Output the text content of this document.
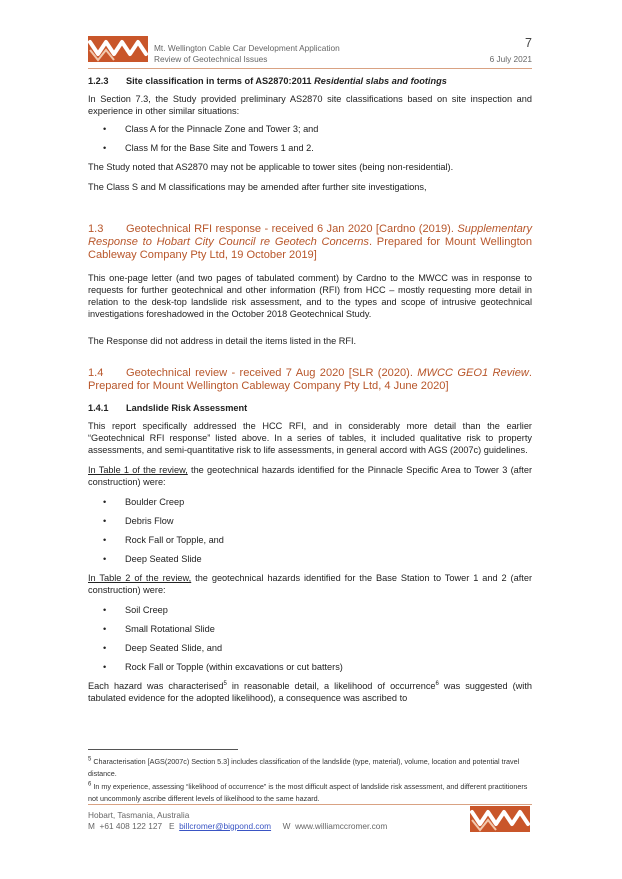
Mt. Wellington Cable Car Development Application
Review of Geotechnical Issues
7
6 July 2021
1.2.3 Site classification in terms of AS2870:2011 Residential slabs and footings

In Section 7.3, the Study provided preliminary AS2870 site classifications based on site inspection and experience in other similar situations:

• Class A for the Pinnacle Zone and Tower 3; and
• Class M for the Base Site and Towers 1 and 2.

The Study noted that AS2870 may not be applicable to tower sites (being non-residential).

The Class S and M classifications may be amended after further site investigations,

1.3 Geotechnical RFI response - received 6 Jan 2020 [Cardno (2019). Supplementary Response to Hobart City Council re Geotech Concerns. Prepared for Mount Wellington Cableway Company Pty Ltd, 19 October 2019]

This one-page letter (and two pages of tabulated comment) by Cardno to the MWCC was in response to requests for further geotechnical and other information (RFI) from HCC – mostly requesting more detail in relation to the desk-top landslide risk assessment, and to the types and scope of intrusive geotechnical investigations foreshadowed in the October 2018 Geotechnical Study.

The Response did not address in detail the items listed in the RFI.

1.4 Geotechnical review - received 7 Aug 2020 [SLR (2020). MWCC GEO1 Review. Prepared for Mount Wellington Cableway Company Pty Ltd, 4 June 2020]
1.4.1 Landslide Risk Assessment

This report specifically addressed the HCC RFI, and in considerably more detail than the earlier “Geotechnical RFI response” listed above. In a series of tables, it included qualitative risk to property assessments, and semi-quantitative risk to life assessments, in general accord with AGS (2007c) guidelines.

In Table 1 of the review, the geotechnical hazards identified for the Pinnacle Specific Area to Tower 3 (after construction) were:

• Boulder Creep
• Debris Flow
• Rock Fall or Topple, and
• Deep Seated Slide

In Table 2 of the review, the geotechnical hazards identified for the Base Station to Tower 1 and 2 (after construction) were:

• Soil Creep
• Small Rotational Slide
• Deep Seated Slide, and
• Rock Fall or Topple (within excavations or cut batters)

Each hazard was characterised$^5$ in reasonable detail, a likelihood of occurrence$^6$ was suggested (with tabulated evidence for the adopted likelihood), a consequence was ascribed to

$^5$ Characterisation [AGS(2007c) Section 5.3] includes classification of the landslide (type, material), volume, location and potential travel distance.

$^6$ In my experience, assessing “likelihood of occurrence” is the most difficult aspect of landslide risk assessment, and different practitioners not uncommonly ascribe different levels of likelihood to the same hazard.

Hobart, Tasmania, Australia
M +61 408 122 127 E billcromer@bigpond.com W www.williamccromer.com
